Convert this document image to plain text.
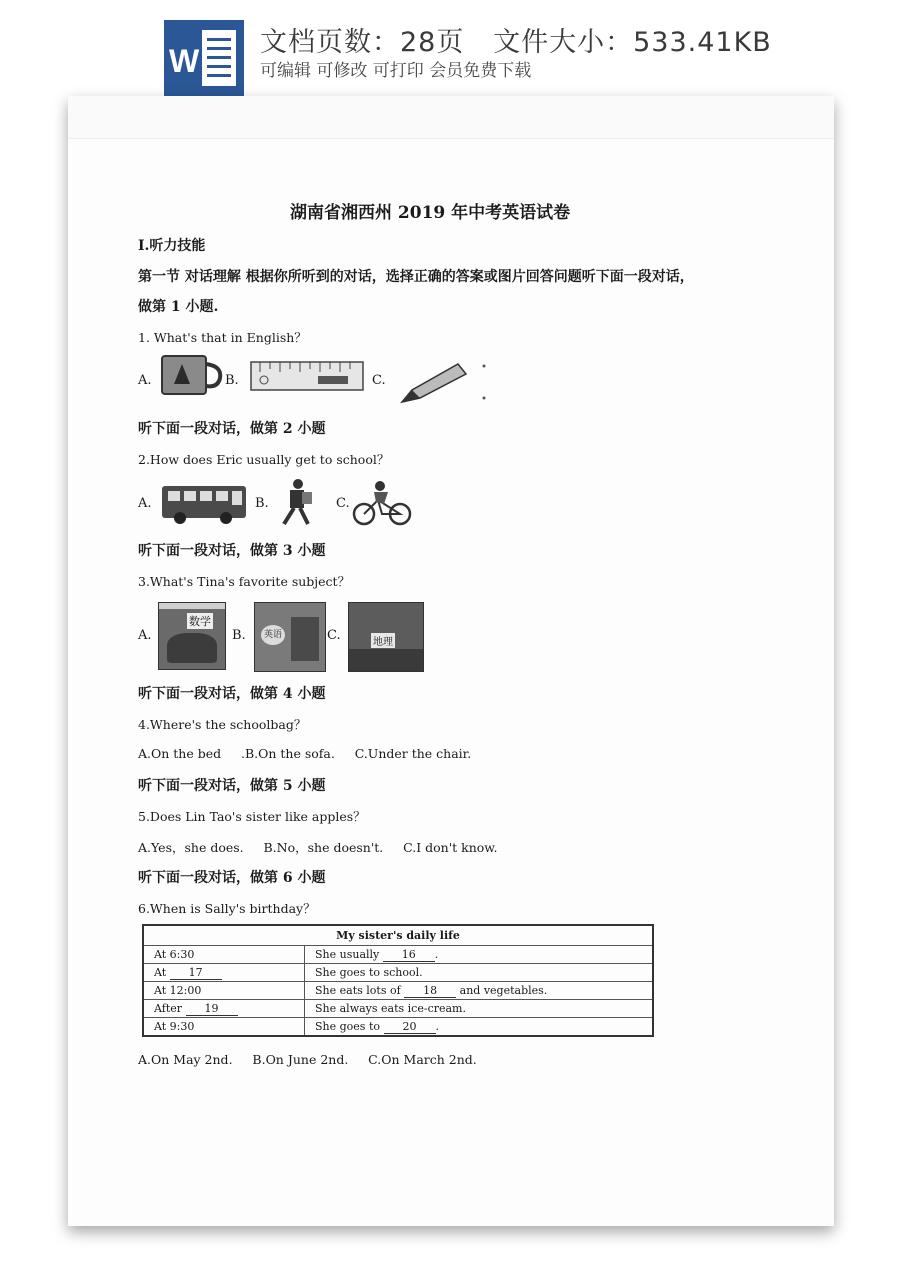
W
文档页数：28页   文件大小：533.41KB
可编辑 可修改 可打印 会员免费下载
湖南省湘西州 2019 年中考英语试卷
I.听力技能
第一节 对话理解 根据你所听到的对话，选择正确的答案或图片回答问题听下面一段对话，
做第 1 小题.
1. What's that in English？
A.	B.	C.
听下面一段对话，做第 2 小题
2.How does Eric usually get to school？
A.	B.	C.
听下面一段对话，做第 3 小题
3.What's Tina's favorite subject？
A.
数学
B.	英语	C.	地理
听下面一段对话，做第 4 小题
4.Where's the schoolbag？
A.On the bed     .B.On the sofa.     C.Under the chair.
听下面一段对话，做第 5 小题
5.Does Lin Tao's sister like apples？
A.Yes，she does.     B.No，she doesn't.     C.I don't know.
听下面一段对话，做第 6 小题
6.When is Sally's birthday？
My sister's daily life	
At 6:30	She usually 16 .
At 17	She goes to school.
At 12:00	She eats lots of 18 and vegetables.
After 19	She always eats ice-cream.
At 9:30	She goes to 20 .
A.On May 2nd.     B.On June 2nd.     C.On March 2nd.
